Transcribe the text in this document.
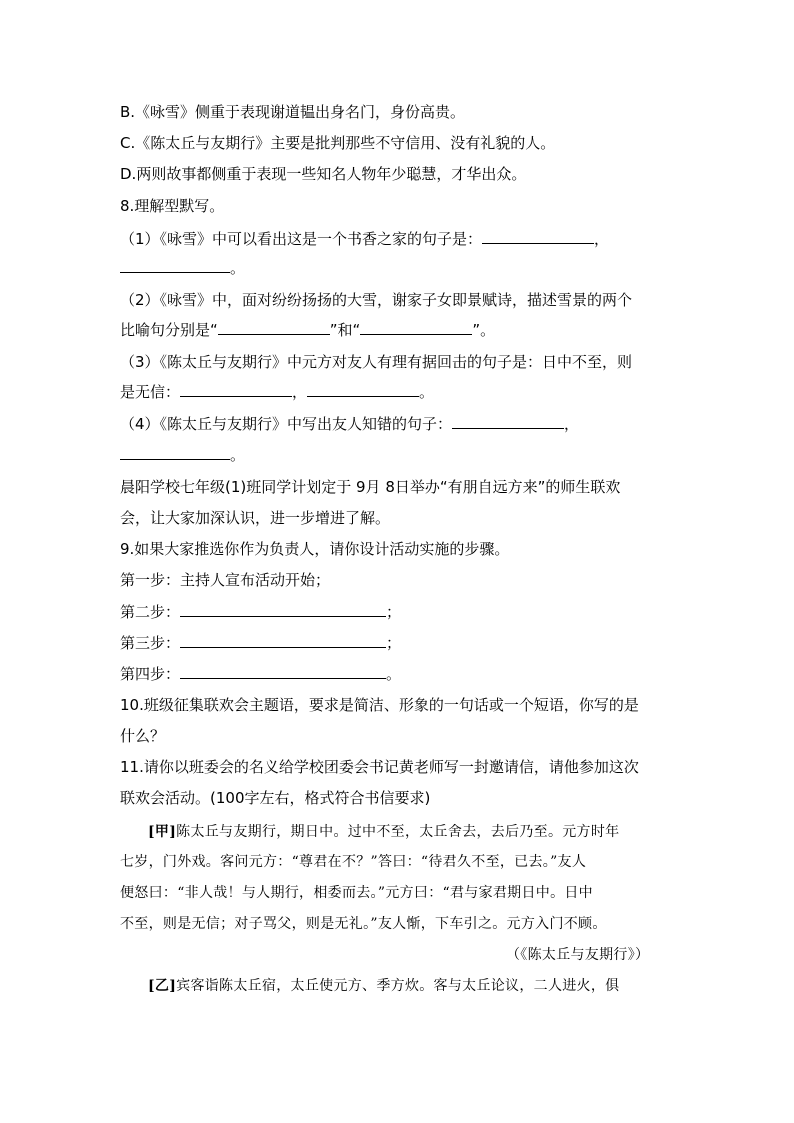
B.《咏雪》侧重于表现谢道韫出身名门，身份高贵。
C.《陈太丘与友期行》主要是批判那些不守信用、没有礼貌的人。
D.两则故事都侧重于表现一些知名人物年少聪慧，才华出众。
8.理解型默写。
（1）《咏雪》中可以看出这是一个书香之家的句子是：	，
。
（2）《咏雪》中，面对纷纷扬扬的大雪，谢家子女即景赋诗，描述雪景的两个
比喻句分别是“	”和“	”。
（3）《陈太丘与友期行》中元方对友人有理有据回击的句子是：日中不至，则
是无信：	，	。
（4）《陈太丘与友期行》中写出友人知错的句子：	，
。
晨阳学校七年级(1)班同学计划定于 9月 8日举办“有朋自远方来”的师生联欢
会，让大家加深认识，进一步增进了解。
9.如果大家推选你作为负责人，请你设计活动实施的步骤。
第一步：主持人宣布活动开始；
第二步：	；
第三步：	；
第四步：	。
10.班级征集联欢会主题语，要求是简洁、形象的一句话或一个短语，你写的是
什么？
11.请你以班委会的名义给学校团委会书记黄老师写一封邀请信，请他参加这次
联欢会活动。(100字左右，格式符合书信要求)
[甲]陈太丘与友期行，期日中。过中不至，太丘舍去，去后乃至。元方时年
七岁，门外戏。客问元方：“尊君在不？”答曰：“待君久不至，已去。”友人
便怒曰：“非人哉！与人期行，相委而去。”元方曰：“君与家君期日中。日中
不至，则是无信；对子骂父，则是无礼。”友人惭，下车引之。元方入门不顾。
（《陈太丘与友期行》）
[乙]宾客诣陈太丘宿，太丘使元方、季方炊。客与太丘论议，二人进火，俱
